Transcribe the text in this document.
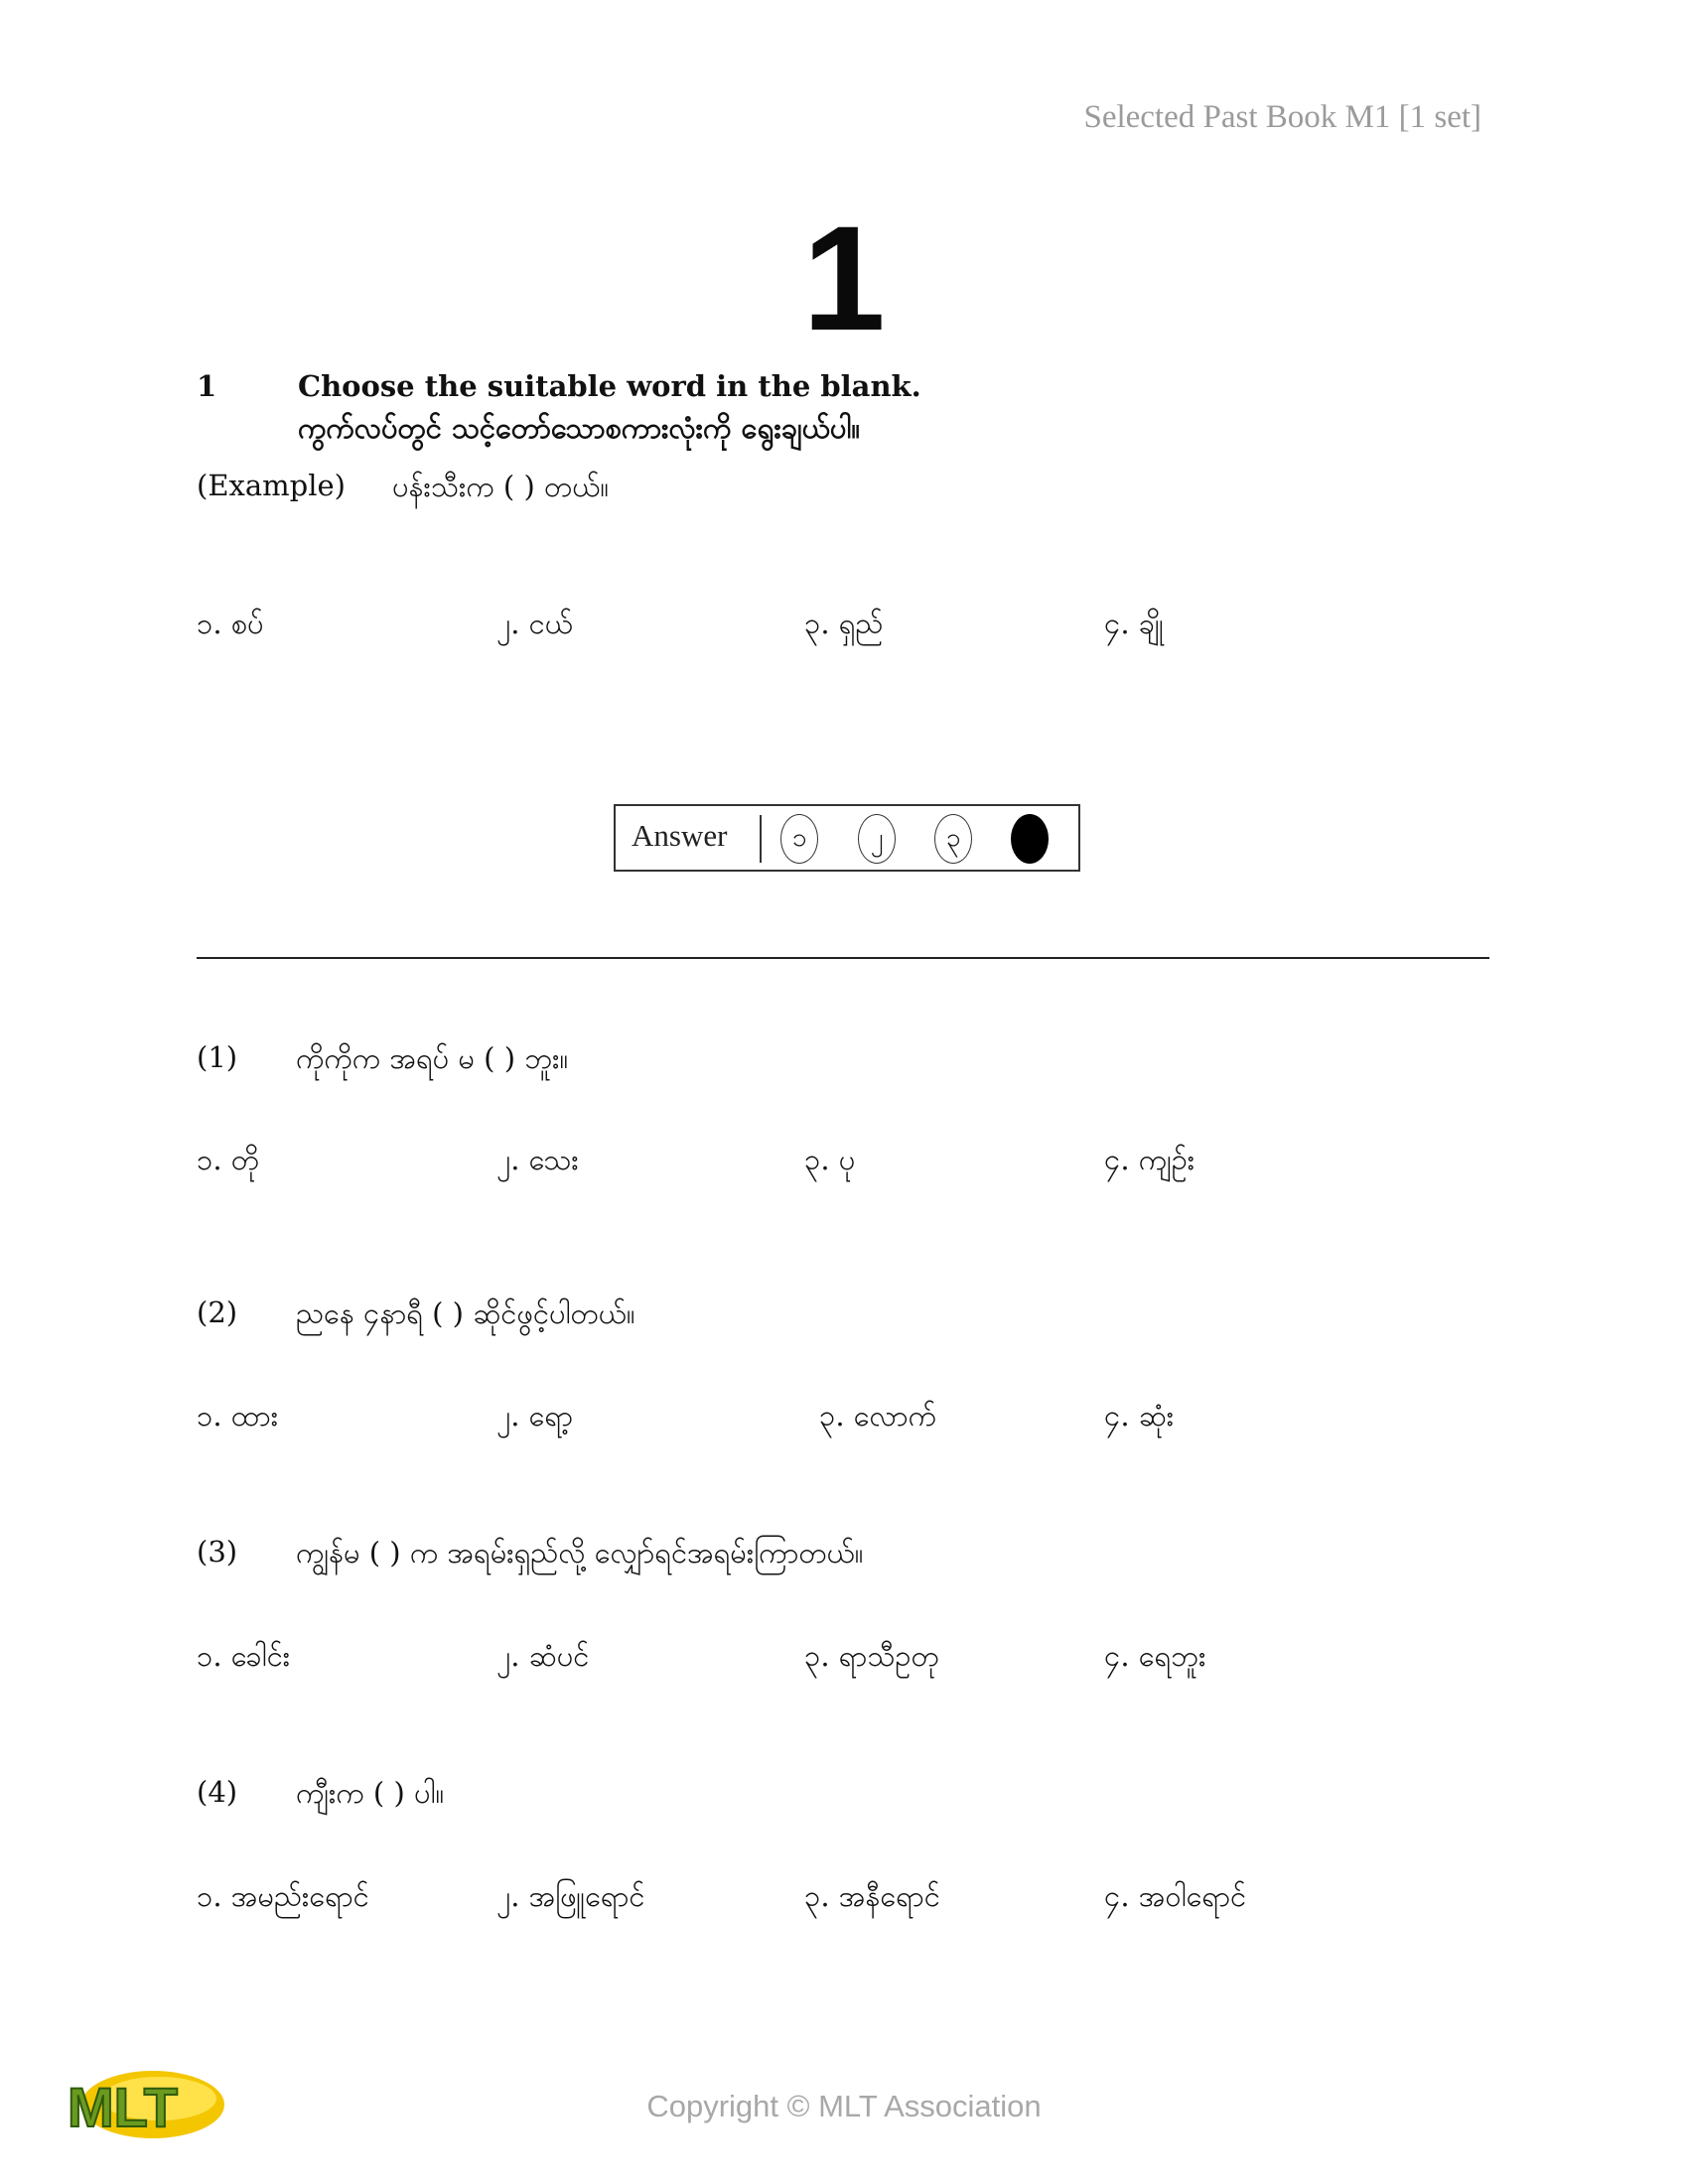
Selected Past Book M1 [1 set]
1
1	Choose the suitable word in the blank.
ကွက်လပ်တွင် သင့်တော်သောစကားလုံးကို ရွေးချယ်ပါ။
(Example) ပန်းသီးက ( ) တယ်။
၁. စပ်	၂. ငယ်	၃. ရှည်	၄. ချို
Answer	၁	၂	၃
(1) ကိုကိုက အရပ် မ ( ) ဘူး။
၁. တို	၂. သေး	၃. ပု	၄. ကျဉ်း
(2) ညနေ ၄နာရီ ( ) ဆိုင်ဖွင့်ပါတယ်။
၁. ထား	၂. ရော့	၃. လောက်	၄. ဆုံး
(3) ကျွန်မ ( ) က အရမ်းရှည်လို့ လျှော်ရင်အရမ်းကြာတယ်။
၁. ခေါင်း	၂. ဆံပင်	၃. ရာသီဥတု	၄. ရေဘူး
(4) ကျီးက ( ) ပါ။
၁. အမည်းရောင်	၂. အဖြူရောင်	၃. အနီရောင်	၄. အဝါရောင်
Copyright © MLT Association
MLT
